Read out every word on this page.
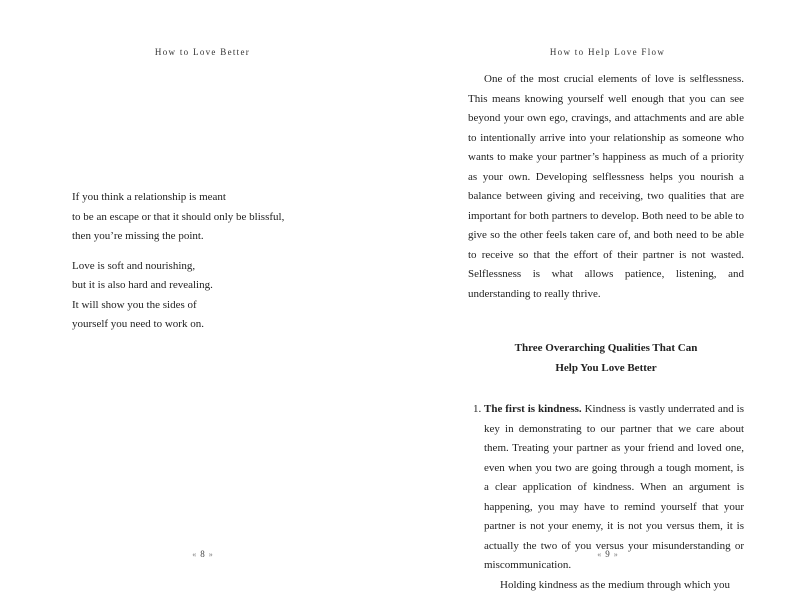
How to Love Better

If you think a relationship is meant
to be an escape or that it should only be blissful,
then you’re missing the point.

Love is soft and nourishing,
but it is also hard and revealing.
It will show you the sides of
yourself you need to work on.

« 8 »
How to Help Love Flow

One of the most crucial elements of love is selflessness. This means knowing yourself well enough that you can see beyond your own ego, cravings, and attachments and are able to intentionally arrive into your relationship as someone who wants to make your partner’s happiness as much of a priority as your own. Developing selflessness helps you nourish a balance between giving and receiving, two qualities that are important for both partners to develop. Both need to be able to give so the other feels taken care of, and both need to be able to receive so that the effort of their partner is not wasted. Selflessness is what allows patience, listening, and understanding to really thrive.

Three Overarching Qualities That Can
Help You Love Better

1. The first is kindness. Kindness is vastly underrated and is key in demonstrating to our partner that we care about them. Treating your partner as your friend and loved one, even when you two are going through a tough moment, is a clear application of kindness. When an argument is happening, you may have to remind yourself that your partner is not your enemy, it is not you versus them, it is actually the two of you versus your misunderstanding or miscommunication.

Holding kindness as the medium through which you

« 9 »
